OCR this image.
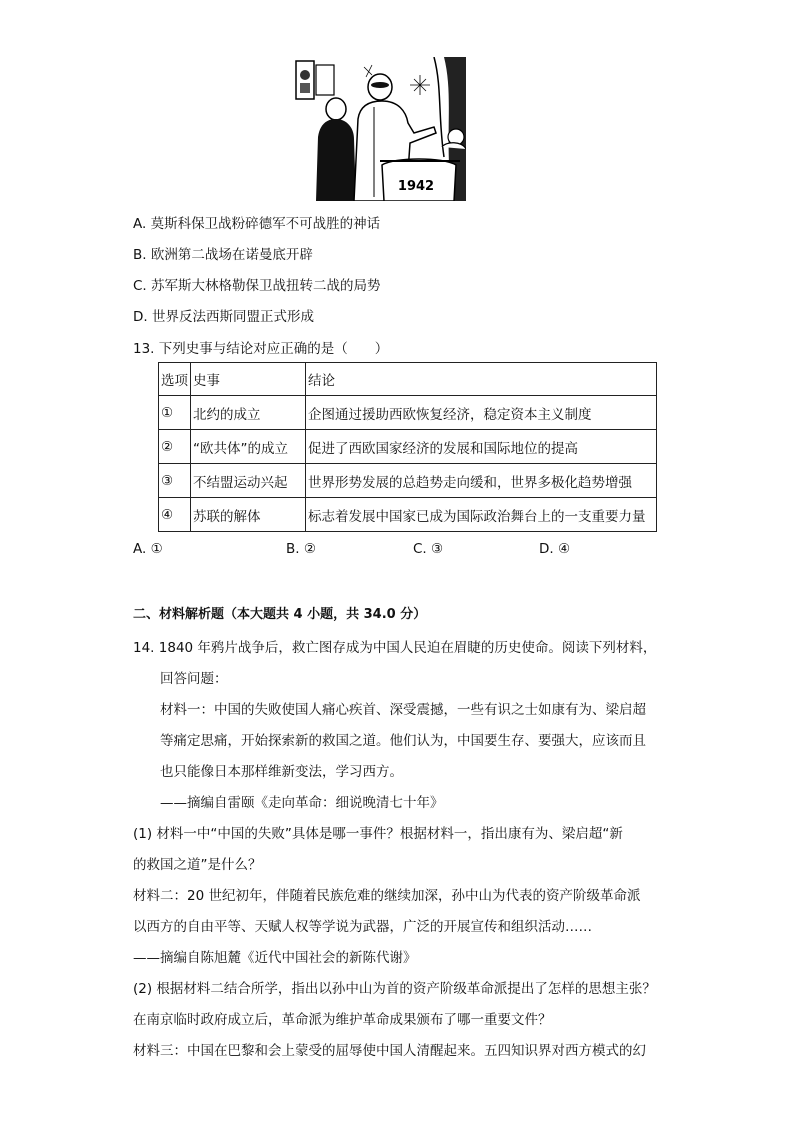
1942
A. 莫斯科保卫战粉碎德军不可战胜的神话
B. 欧洲第二战场在诺曼底开辟
C. 苏军斯大林格勒保卫战扭转二战的局势
D. 世界反法西斯同盟正式形成
13. 下列史事与结论对应正确的是（　　）
选项	史事	结论
①	北约的成立	企图通过援助西欧恢复经济，稳定资本主义制度
②	“欧共体”的成立	促进了西欧国家经济的发展和国际地位的提高
③	不结盟运动兴起	世界形势发展的总趋势走向缓和，世界多极化趋势增强
④	苏联的解体	标志着发展中国家已成为国际政治舞台上的一支重要力量
A. ①	B. ②	C. ③	D. ④
二、材料解析题（本大题共 4 小题，共 34.0 分）
14. 1840 年鸦片战争后，救亡图存成为中国人民迫在眉睫的历史使命。阅读下列材料，
回答问题：
材料一：中国的失败使国人痛心疾首、深受震撼，一些有识之士如康有为、梁启超
等痛定思痛，开始探索新的救国之道。他们认为，中国要生存、要强大，应该而且
也只能像日本那样维新变法，学习西方。
——摘编自雷颐《走向革命：细说晚清七十年》
(1) 材料一中“中国的失败”具体是哪一事件？根据材料一，指出康有为、梁启超“新
的救国之道”是什么？
材料二：20 世纪初年，伴随着民族危难的继续加深，孙中山为代表的资产阶级革命派
以西方的自由平等、天赋人权等学说为武器，广泛的开展宣传和组织活动……
——摘编自陈旭麓《近代中国社会的新陈代谢》
(2) 根据材料二结合所学，指出以孙中山为首的资产阶级革命派提出了怎样的思想主张？
在南京临时政府成立后，革命派为维护革命成果颁布了哪一重要文件？
材料三：中国在巴黎和会上蒙受的屈辱使中国人清醒起来。五四知识界对西方模式的幻
